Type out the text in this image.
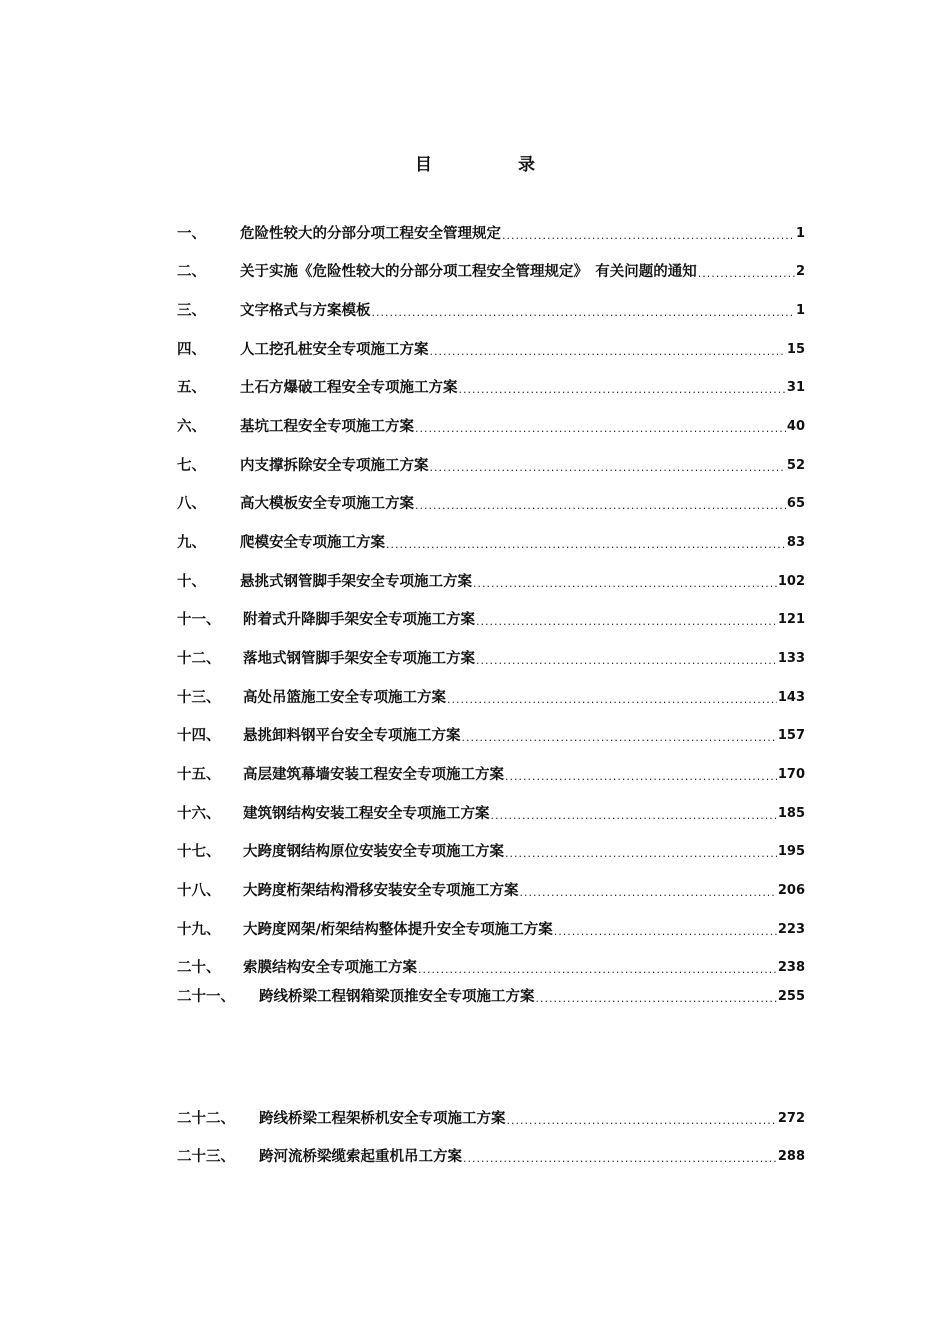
目 录
一、	危险性较大的分部分项工程安全管理规定 .....	1
二、	关于实施《危险性较大的分部分项工程安全管理规定》　有关问题的通知 .....	2
三、	文字格式与方案模板 .....	1
四、	人工挖孔桩安全专项施工方案 .....	15
五、	土石方爆破工程安全专项施工方案 .....	31
六、	基坑工程安全专项施工方案 .....	40
七、	内支撑拆除安全专项施工方案 .....	52
八、	高大模板安全专项施工方案 .....	65
九、	爬模安全专项施工方案 .....	83
十、	悬挑式钢管脚手架安全专项施工方案 .....	102
十一、	附着式升降脚手架安全专项施工方案 .....	121
十二、	落地式钢管脚手架安全专项施工方案 .....	133
十三、	高处吊篮施工安全专项施工方案 .....	143
十四、	悬挑卸料钢平台安全专项施工方案 .....	157
十五、	高层建筑幕墙安装工程安全专项施工方案 .....	170
十六、	建筑钢结构安装工程安全专项施工方案 .....	185
十七、	大跨度钢结构原位安装安全专项施工方案 .....	195
十八、	大跨度桁架结构滑移安装安全专项施工方案 .....	206
十九、	大跨度网架/桁架结构整体提升安全专项施工方案 .....	223
二十、	索膜结构安全专项施工方案 .....	238
二十一、	跨线桥梁工程钢箱梁顶推安全专项施工方案 .....	255
二十二、	跨线桥梁工程架桥机安全专项施工方案 .....	272
二十三、	跨河流桥梁缆索起重机吊工方案 .....	288
